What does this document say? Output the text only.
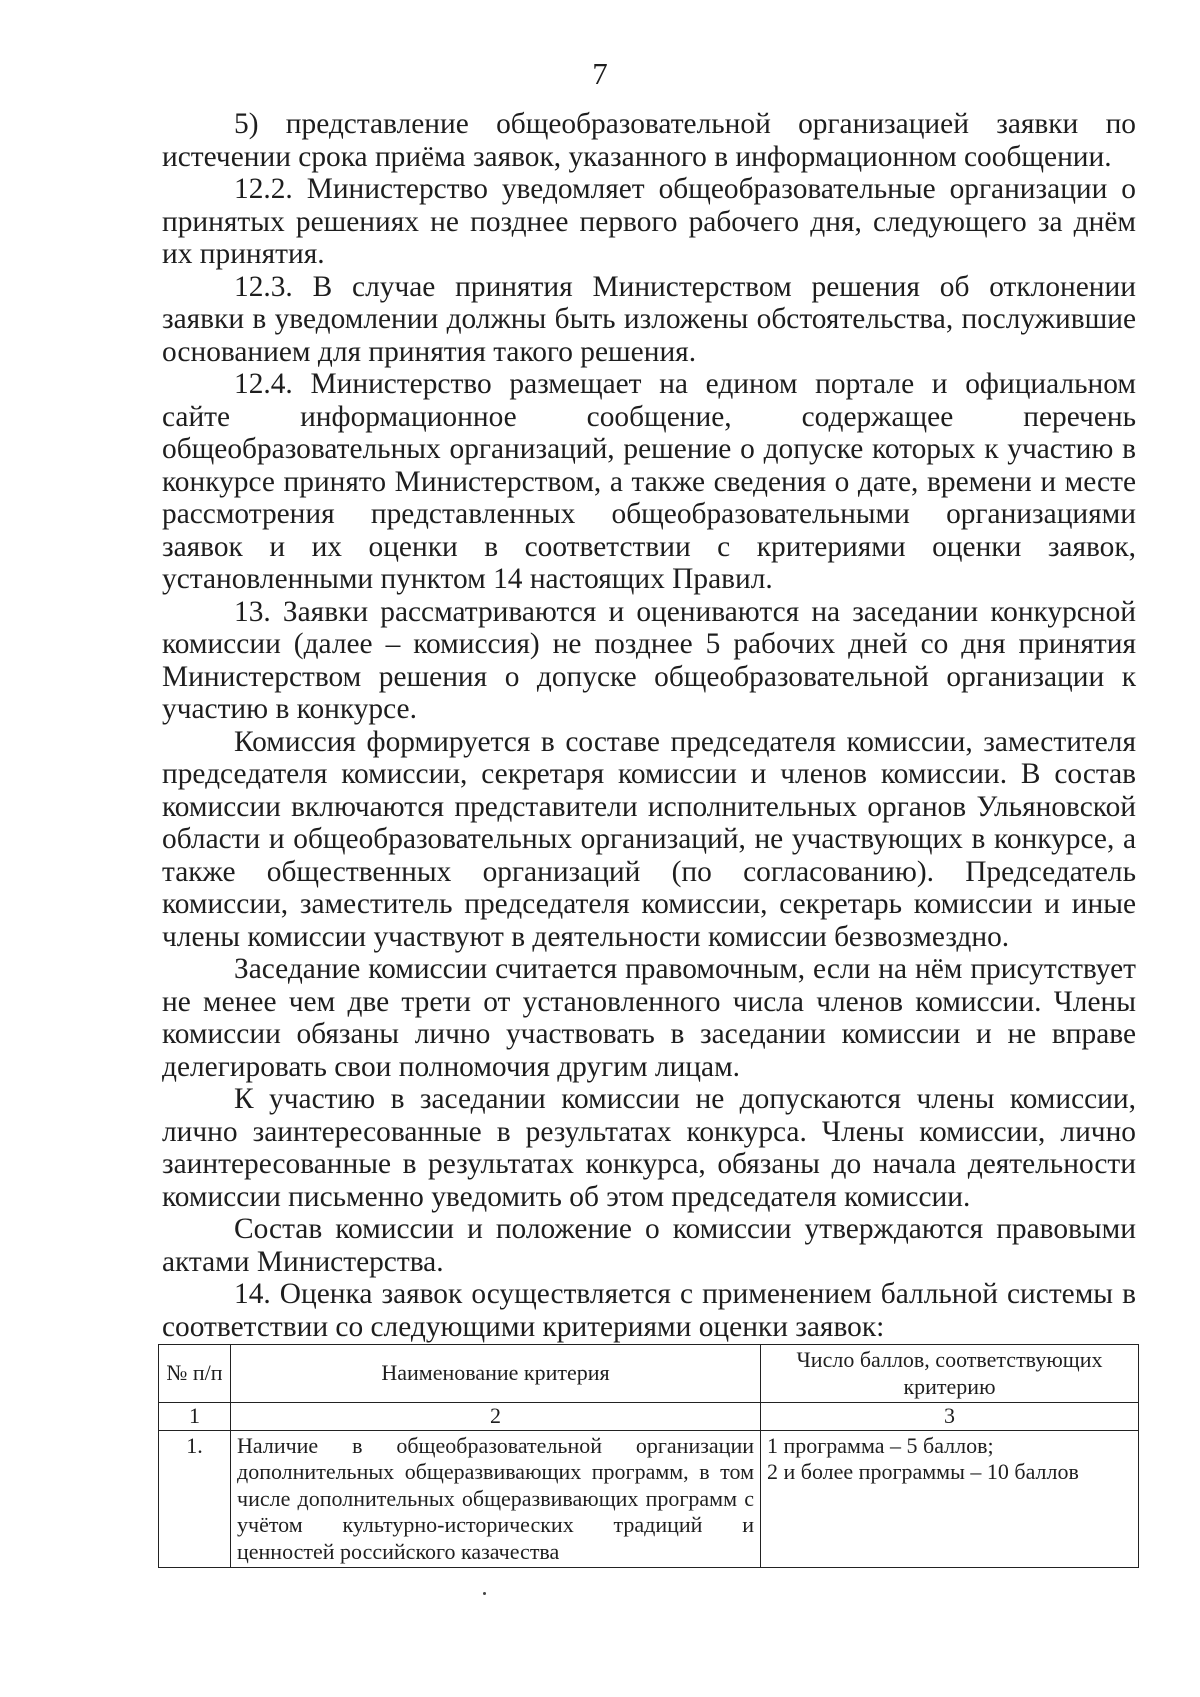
7

5) представление общеобразовательной организацией заявки по истечении срока приёма заявок, указанного в информационном сообщении.

12.2. Министерство уведомляет общеобразовательные организации о принятых решениях не позднее первого рабочего дня, следующего за днём их принятия.

12.3. В случае принятия Министерством решения об отклонении заявки в уведомлении должны быть изложены обстоятельства, послужившие основанием для принятия такого решения.

12.4. Министерство размещает на едином портале и официальном сайте информационное сообщение, содержащее перечень общеобразовательных организаций, решение о допуске которых к участию в конкурсе принято Министерством, а также сведения о дате, времени и месте рассмотрения представленных общеобразовательными организациями заявок и их оценки в соответствии с критериями оценки заявок, установленными пунктом 14 настоящих Правил.

13. Заявки рассматриваются и оцениваются на заседании конкурсной комиссии (далее – комиссия) не позднее 5 рабочих дней со дня принятия Министерством решения о допуске общеобразовательной организации к участию в конкурсе.

Комиссия формируется в составе председателя комиссии, заместителя председателя комиссии, секретаря комиссии и членов комиссии. В состав комиссии включаются представители исполнительных органов Ульяновской области и общеобразовательных организаций, не участвующих в конкурсе, а также общественных организаций (по согласованию). Председатель комиссии, заместитель председателя комиссии, секретарь комиссии и иные члены комиссии участвуют в деятельности комиссии безвозмездно.

Заседание комиссии считается правомочным, если на нём присутствует не менее чем две трети от установленного числа членов комиссии. Члены комиссии обязаны лично участвовать в заседании комиссии и не вправе делегировать свои полномочия другим лицам.

К участию в заседании комиссии не допускаются члены комиссии, лично заинтересованные в результатах конкурса. Члены комиссии, лично заинтересованные в результатах конкурса, обязаны до начала деятельности комиссии письменно уведомить об этом председателя комиссии.

Состав комиссии и положение о комиссии утверждаются правовыми актами Министерства.

14. Оценка заявок осуществляется с применением балльной системы в соответствии со следующими критериями оценки заявок:

№ п/п	Наименование критерия	Число баллов, соответствующих критерию
1	2	3
1.	Наличие в общеобразовательной организации дополнительных общеразвивающих программ, в том числе дополнительных общеразвивающих программ с учётом культурно-исторических традиций и ценностей российского казачества	1 программа – 5 баллов;
2 и более программы – 10 баллов
